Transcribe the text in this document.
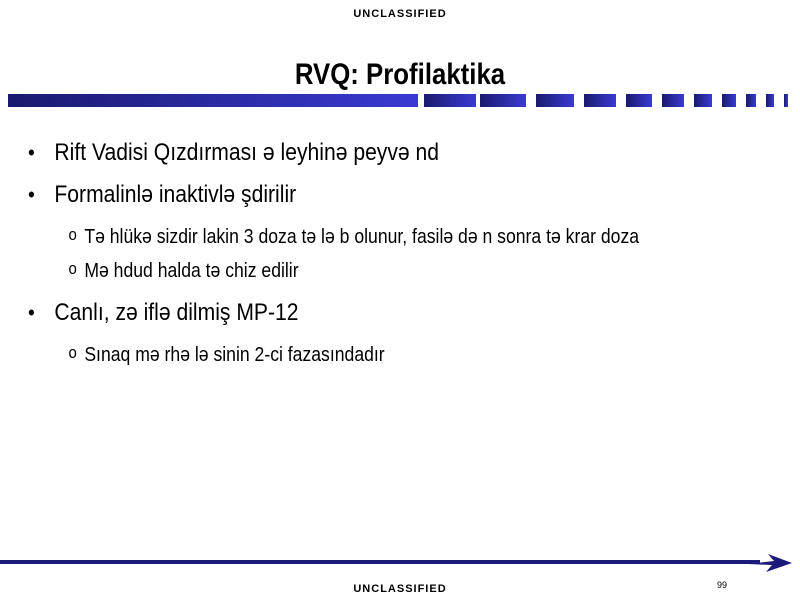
UNCLASSIFIED
RVQ: Profilaktika
• Rift Vadisi Qızdırması ə leyhinə peyvə nd
• Formalinlə inaktivlə şdirilir
o Tə hlükə sizdir lakin 3 doza tə lə b olunur, fasilə də n sonra tə krar doza
o Mə hdud halda tə chiz edilir
• Canlı, zə iflə dilmiş MP-12
o Sınaq mə rhə lə sinin 2-ci fazasındadır
99
UNCLASSIFIED
